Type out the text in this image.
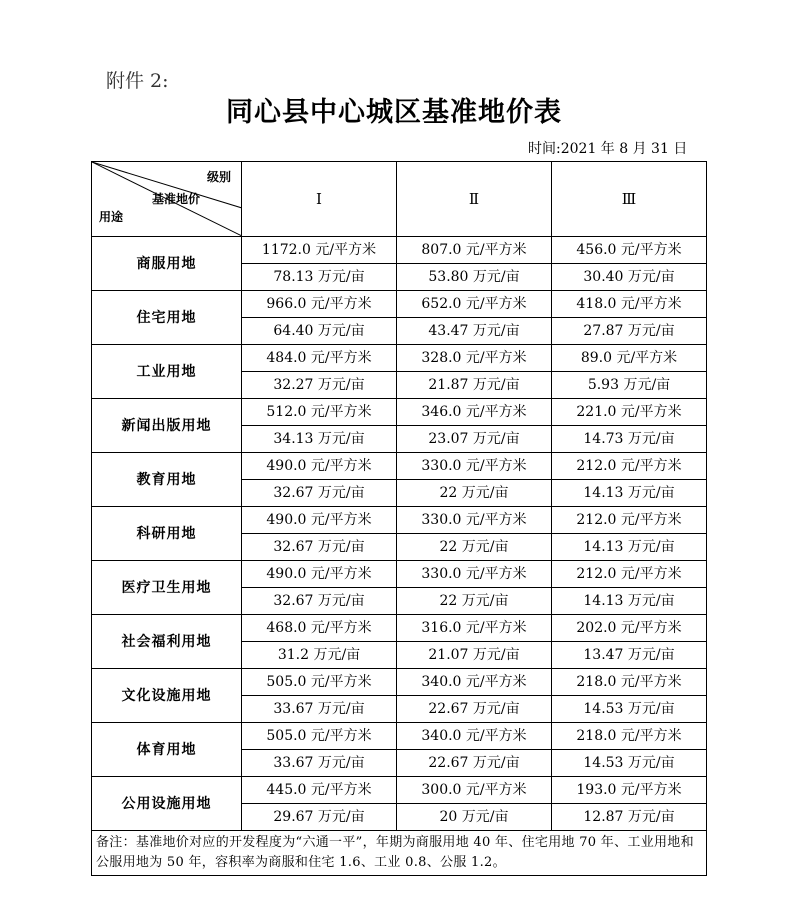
附件 2:
同心县中心城区基准地价表
时间:2021 年 8 月 31 日
级别
基准地价
用途	Ⅰ	Ⅱ	Ⅲ
商服用地	1172.0 元/平方米	807.0 元/平方米	456.0 元/平方米
	78.13 万元/亩	53.80 万元/亩	30.40 万元/亩
住宅用地	966.0 元/平方米	652.0 元/平方米	418.0 元/平方米
	64.40 万元/亩	43.47 万元/亩	27.87 万元/亩
工业用地	484.0 元/平方米	328.0 元/平方米	89.0 元/平方米
	32.27 万元/亩	21.87 万元/亩	5.93 万元/亩
新闻出版用地	512.0 元/平方米	346.0 元/平方米	221.0 元/平方米
	34.13 万元/亩	23.07 万元/亩	14.73 万元/亩
教育用地	490.0 元/平方米	330.0 元/平方米	212.0 元/平方米
	32.67 万元/亩	22 万元/亩	14.13 万元/亩
科研用地	490.0 元/平方米	330.0 元/平方米	212.0 元/平方米
	32.67 万元/亩	22 万元/亩	14.13 万元/亩
医疗卫生用地	490.0 元/平方米	330.0 元/平方米	212.0 元/平方米
	32.67 万元/亩	22 万元/亩	14.13 万元/亩
社会福利用地	468.0 元/平方米	316.0 元/平方米	202.0 元/平方米
	31.2 万元/亩	21.07 万元/亩	13.47 万元/亩
文化设施用地	505.0 元/平方米	340.0 元/平方米	218.0 元/平方米
	33.67 万元/亩	22.67 万元/亩	14.53 万元/亩
体育用地	505.0 元/平方米	340.0 元/平方米	218.0 元/平方米
	33.67 万元/亩	22.67 万元/亩	14.53 万元/亩
公用设施用地	445.0 元/平方米	300.0 元/平方米	193.0 元/平方米
	29.67 万元/亩	20 万元/亩	12.87 万元/亩
备注：基准地价对应的开发程度为“六通一平”，年期为商服用地 40 年、住宅用地 70 年、工业用地和公服用地为 50 年，容积率为商服和住宅 1.6、工业 0.8、公服 1.2。			
